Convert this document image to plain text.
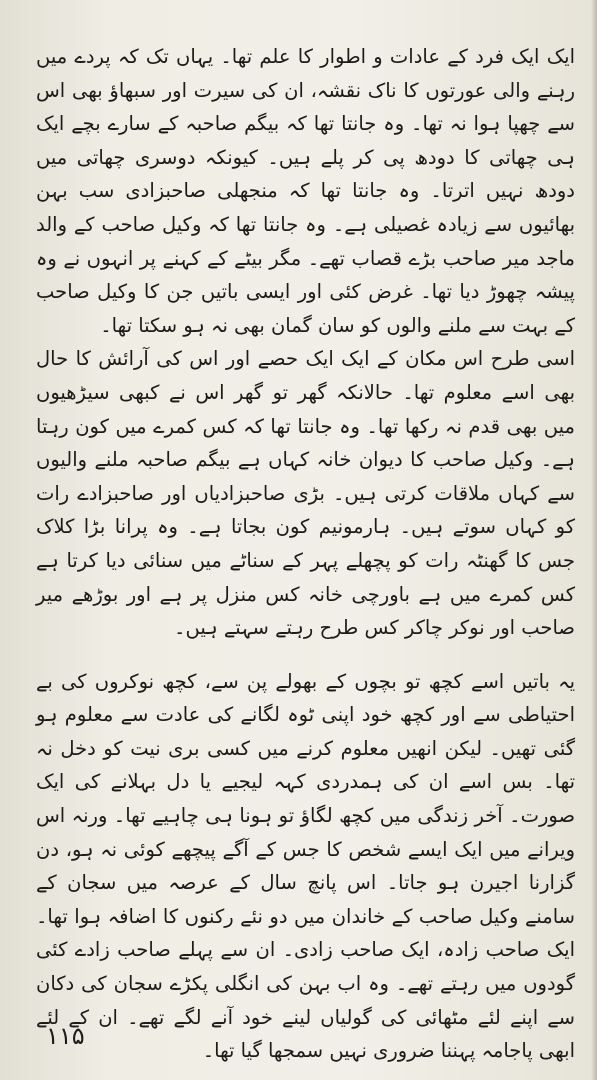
ایک ایک فرد کے عادات و اطوار کا علم تھا۔ یہاں تک کہ پردے میں رہنے والی عورتوں کا ناک نقشہ، ان کی سیرت اور سبھاؤ بھی اس سے چھپا ہوا نہ تھا۔ وہ جانتا تھا کہ بیگم صاحبہ کے سارے بچے ایک ہی چھاتی کا دودھ پی کر پلے ہیں۔ کیونکہ دوسری چھاتی میں دودھ نہیں اترتا۔ وہ جانتا تھا کہ منجھلی صاحبزادی سب بہن بھائیوں سے زیادہ غصیلی ہے۔ وہ جانتا تھا کہ وکیل صاحب کے والد ماجد میر صاحب بڑے قصاب تھے۔ مگر بیٹے کے کہنے پر انہوں نے وہ پیشہ چھوڑ دیا تھا۔ غرض کئی اور ایسی باتیں جن کا وکیل صاحب کے بہت سے ملنے والوں کو سان گمان بھی نہ ہو سکتا تھا۔

اسی طرح اس مکان کے ایک ایک حصے اور اس کی آرائش کا حال بھی اسے معلوم تھا۔ حالانکہ گھر تو گھر اس نے کبھی سیڑھیوں میں بھی قدم نہ رکھا تھا۔ وہ جانتا تھا کہ کس کمرے میں کون رہتا ہے۔ وکیل صاحب کا دیوان خانہ کہاں ہے بیگم صاحبہ ملنے والیوں سے کہاں ملاقات کرتی ہیں۔ بڑی صاحبزادیاں اور صاحبزادے رات کو کہاں سوتے ہیں۔ ہارمونیم کون بجاتا ہے۔ وہ پرانا بڑا کلاک جس کا گھنٹہ رات کو پچھلے پہر کے سناٹے میں سنائی دیا کرتا ہے کس کمرے میں ہے باورچی خانہ کس منزل پر ہے اور بوڑھے میر صاحب اور نوکر چاکر کس طرح رہتے سہتے ہیں۔

یہ باتیں اسے کچھ تو بچوں کے بھولے پن سے، کچھ نوکروں کی بے احتیاطی سے اور کچھ خود اپنی ٹوہ لگانے کی عادت سے معلوم ہو گئی تھیں۔ لیکن انھیں معلوم کرنے میں کسی بری نیت کو دخل نہ تھا۔ بس اسے ان کی ہمدردی کہہ لیجیے یا دل بہلانے کی ایک صورت۔ آخر زندگی میں کچھ لگاؤ تو ہونا ہی چاہیے تھا۔ ورنہ اس ویرانے میں ایک ایسے شخص کا جس کے آگے پیچھے کوئی نہ ہو، دن گزارنا اجیرن ہو جاتا۔ اس پانچ سال کے عرصہ میں سجان کے سامنے وکیل صاحب کے خاندان میں دو نئے رکنوں کا اضافہ ہوا تھا۔ ایک صاحب زادہ، ایک صاحب زادی۔ ان سے پہلے صاحب زادے کئی گودوں میں رہتے تھے۔ وہ اب بہن کی انگلی پکڑے سجان کی دکان سے اپنے لئے مٹھائی کی گولیاں لینے خود آنے لگے تھے۔ ان کے لئے ابھی پاجامہ پہننا ضروری نہیں سمجھا گیا تھا۔

۱۱۵
